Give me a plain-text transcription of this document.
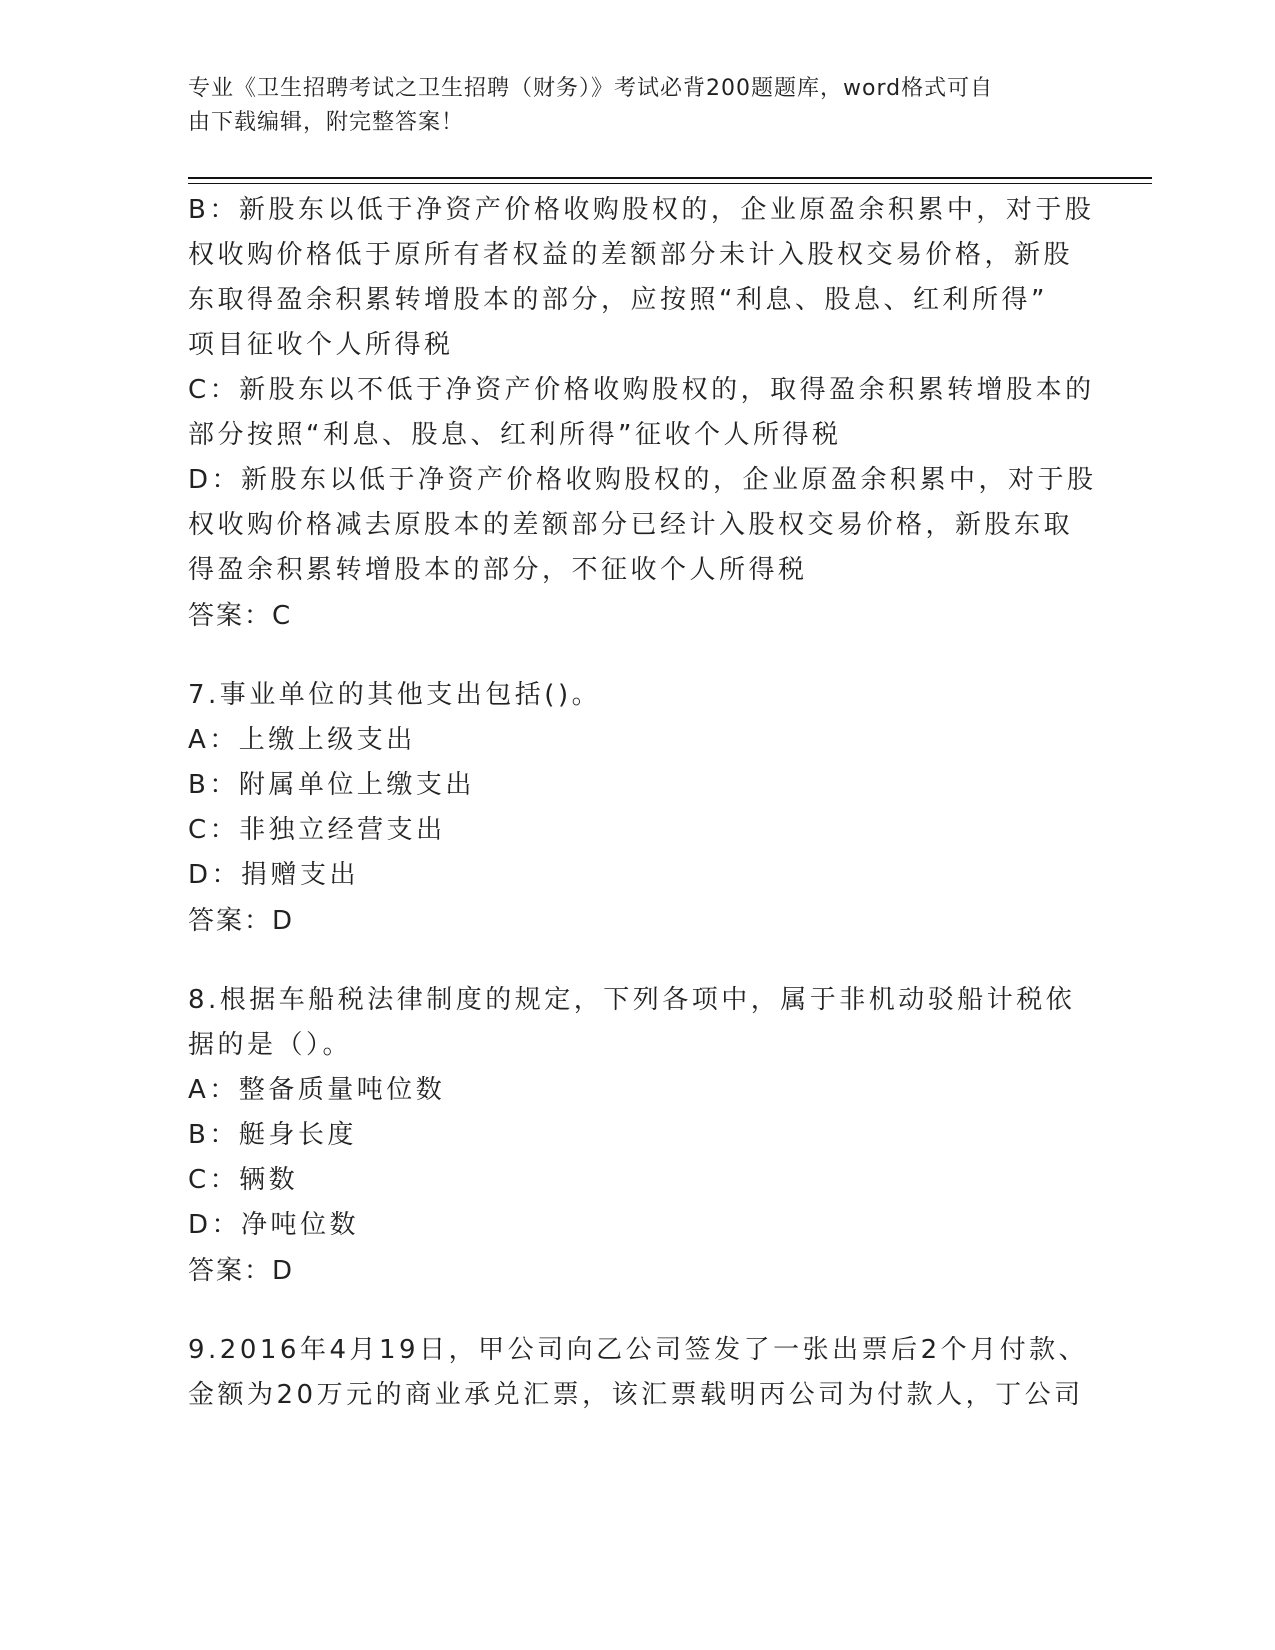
专业《卫生招聘考试之卫生招聘（财务）》考试必背200题题库，word格式可自
由下载编辑，附完整答案！
B：新股东以低于净资产价格收购股权的，企业原盈余积累中，对于股
权收购价格低于原所有者权益的差额部分未计入股权交易价格，新股
东取得盈余积累转增股本的部分，应按照“利息、股息、红利所得”
项目征收个人所得税
C：新股东以不低于净资产价格收购股权的，取得盈余积累转增股本的
部分按照“利息、股息、红利所得”征收个人所得税
D：新股东以低于净资产价格收购股权的，企业原盈余积累中，对于股
权收购价格减去原股本的差额部分已经计入股权交易价格，新股东取
得盈余积累转增股本的部分，不征收个人所得税
答案：C
7.事业单位的其他支出包括()。
A：上缴上级支出
B：附属单位上缴支出
C：非独立经营支出
D：捐赠支出
答案：D
8.根据车船税法律制度的规定，下列各项中，属于非机动驳船计税依
据的是（）。
A：整备质量吨位数
B：艇身长度
C：辆数
D：净吨位数
答案：D
9.2016年4月19日，甲公司向乙公司签发了一张出票后2个月付款、
金额为20万元的商业承兑汇票，该汇票载明丙公司为付款人，丁公司
